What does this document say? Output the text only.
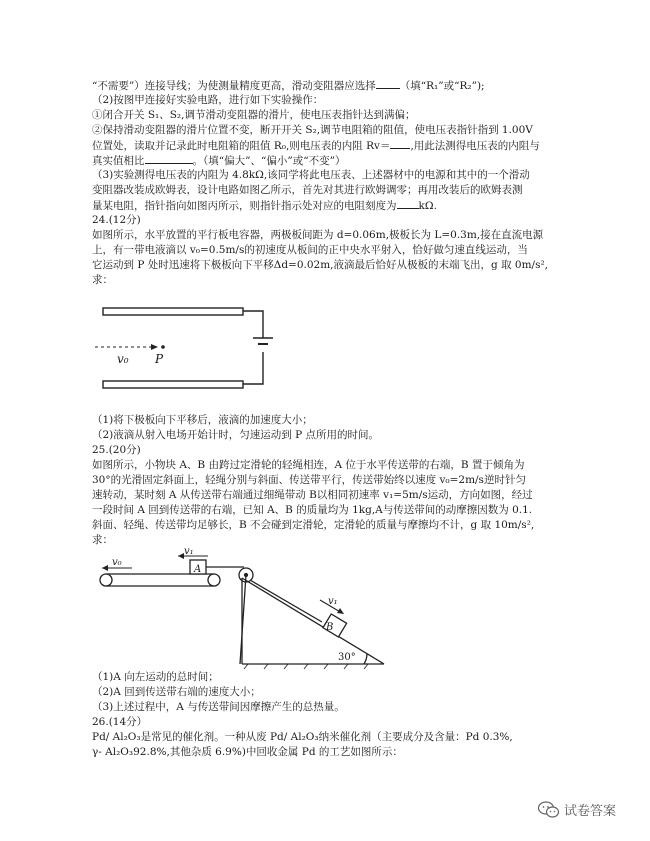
“不需要”）连接导线；为使测量精度更高，滑动变阻器应选择 （填“R₁”或“R₂”);
（2)按图甲连接好实验电路，进行如下实验操作：
①闭合开关 S₁、S₂,调节滑动变阻器的滑片，使电压表指针达到满偏；
②保持滑动变阻器的滑片位置不变，断开开关 S₂,调节电阻箱的阻值，使电压表指针指到 1.00V
位置处，读取并记录此时电阻箱的阻值 R₀,则电压表的内阻 Rv＝ ,用此法测得电压表的内阻与
真实值相比	。（填“偏大”、“偏小”或“不变”）
（3)实验测得电压表的内阻为 4.8kΩ,该同学将此电压表、上述器材中的电源和其中的一个滑动
变阻器改装成欧姆表，设计电路如图乙所示，首先对其进行欧姆调零；再用改装后的欧姆表测
量某电阻，指针指向如图丙所示，则指针指示处对应的电阻刻度为 kΩ.
24.(12分)
如图所示，水平放置的平行板电容器，两极板间距为 d=0.06m,极板长为 L=0.3m,接在直流电源
上，有一带电液滴以 v₀=0.5m/s的初速度从板间的正中央水平射入，恰好做匀速直线运动，当
它运动到 P 处时迅速将下极板向下平移Δd=0.02m,液滴最后恰好从极板的末端飞出，g 取 0m/s²,
求：
v₀ P
（1)将下极板向下平移后，液滴的加速度大小；
（2)液滴从射入电场开始计时，匀速运动到 P 点所用的时间。
25.(20分)
如图所示，小物块 A、B 由跨过定滑轮的轻绳相连，A 位于水平传送带的右端，B 置于倾角为
30°的光滑固定斜面上，轻绳分别与斜面、传送带平行，传送带始终以速度 v₀=2m/s逆时针匀
速转动，某时刻 A 从传送带右端通过细绳带动 B以相同初速率 v₁=5m/s运动，方向如图，经过
一段时间 A 回到传送带的右端，已知 A、B 的质量均为 1kg,A与传送带间的动摩擦因数为 0.1.
斜面、轻绳、传送带均足够长，B 不会碰到定滑轮，定滑轮的质量与摩擦均不计，g 取 10m/s²,
求：
v₀
v₁
A
v₁
B
30°
（1)A 向左运动的总时间；
（2)A 回到传送带右端的速度大小；
（3)上述过程中，A 与传送带间因摩擦产生的总热量。
26.(14分）
Pd/ Al₂O₃是常见的催化剂。一种从废 Pd/ Al₂O₃纳米催化剂（主要成分及含量：Pd 0.3%,
γ- Al₂O₃92.8%,其他杂质 6.9%)中回收金属 Pd 的工艺如图所示：
试卷答案
